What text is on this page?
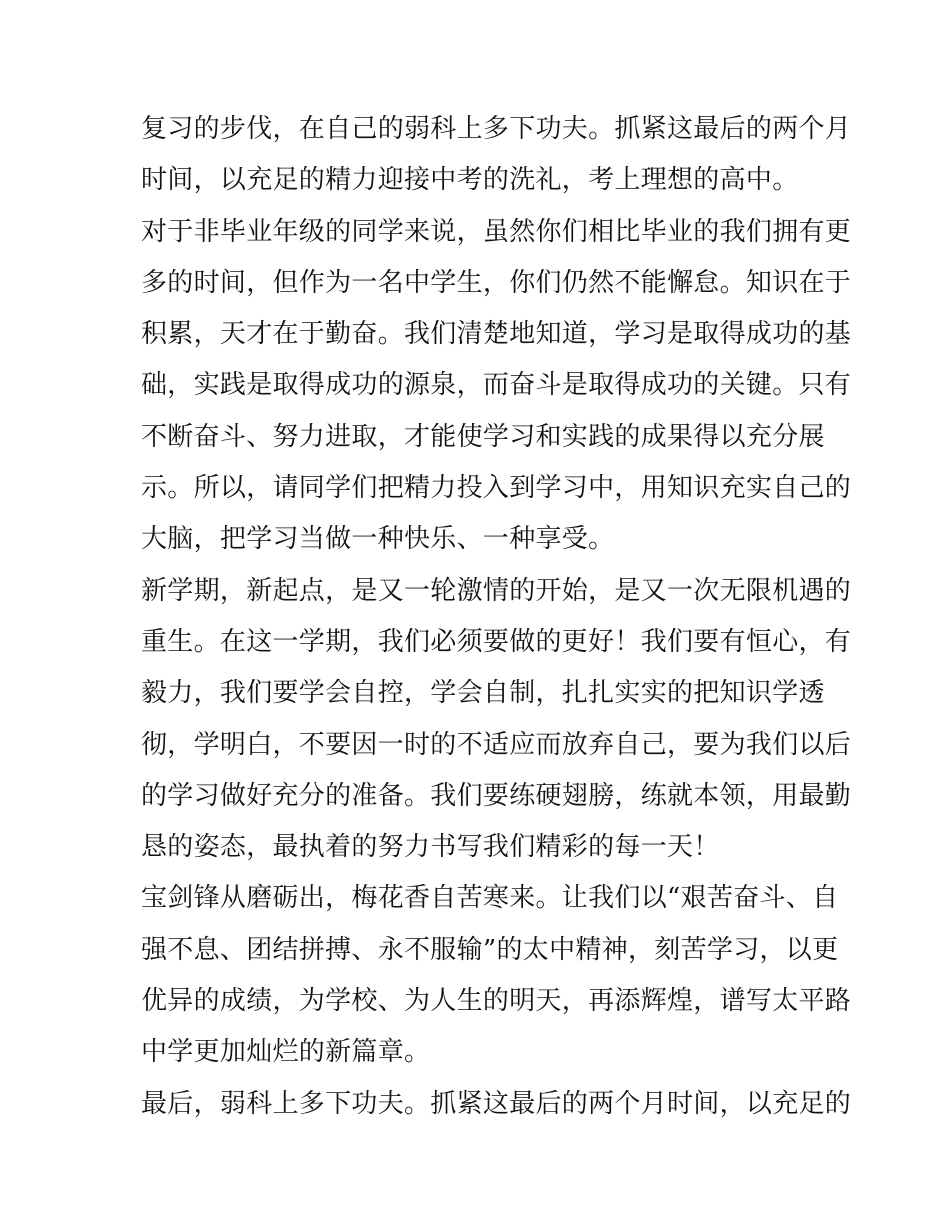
复习的步伐，在自己的弱科上多下功夫。抓紧这最后的两个月
时间，以充足的精力迎接中考的洗礼，考上理想的高中。
对于非毕业年级的同学来说，虽然你们相比毕业的我们拥有更
多的时间，但作为一名中学生，你们仍然不能懈怠。知识在于
积累，天才在于勤奋。我们清楚地知道，学习是取得成功的基
础，实践是取得成功的源泉，而奋斗是取得成功的关键。只有
不断奋斗、努力进取，才能使学习和实践的成果得以充分展
示。所以，请同学们把精力投入到学习中，用知识充实自己的
大脑，把学习当做一种快乐、一种享受。
新学期，新起点，是又一轮激情的开始，是又一次无限机遇的
重生。在这一学期，我们必须要做的更好！我们要有恒心，有
毅力，我们要学会自控，学会自制，扎扎实实的把知识学透
彻，学明白，不要因一时的不适应而放弃自己，要为我们以后
的学习做好充分的准备。我们要练硬翅膀，练就本领，用最勤
恳的姿态，最执着的努力书写我们精彩的每一天！
宝剑锋从磨砺出，梅花香自苦寒来。让我们以“艰苦奋斗、自
强不息、团结拼搏、永不服输”的太中精神，刻苦学习，以更
优异的成绩，为学校、为人生的明天，再添辉煌，谱写太平路
中学更加灿烂的新篇章。
最后，弱科上多下功夫。抓紧这最后的两个月时间，以充足的
